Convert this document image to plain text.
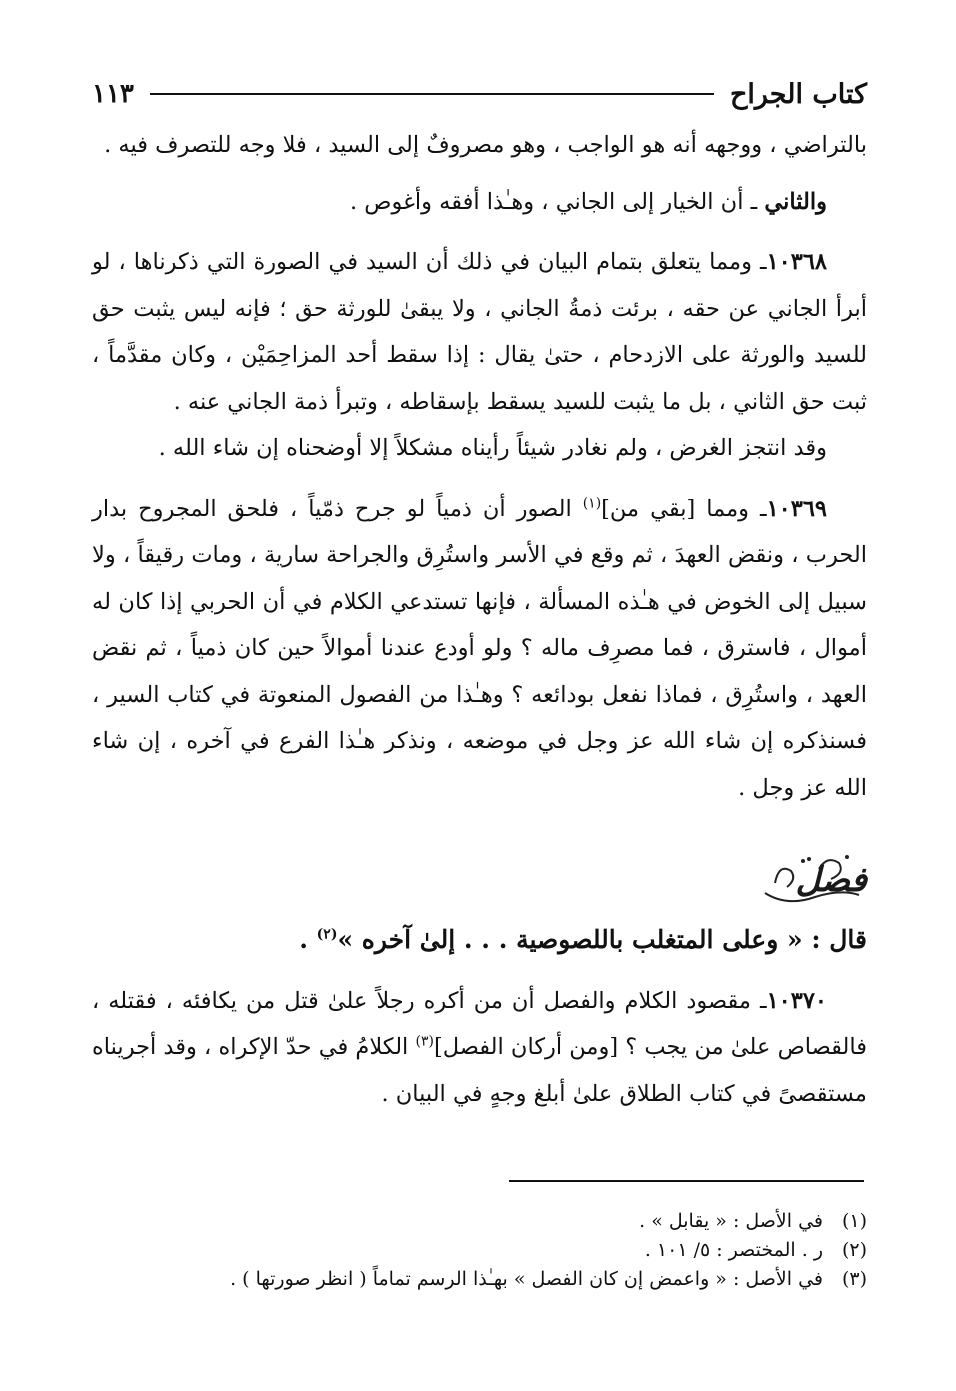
كتاب الجراح
١١٣

بالتراضي ، ووجهه أنه هو الواجب ، وهو مصروفٌ إلى السيد ، فلا وجه للتصرف فيه .

والثاني ـ أن الخيار إلى الجاني ، وهـٰذا أفقه وأغوص .

١٠٣٦٨ـ ومما يتعلق بتمام البيان في ذلك أن السيد في الصورة التي ذكرناها ، لو أبرأ الجاني عن حقه ، برئت ذمةُ الجاني ، ولا يبقىٰ للورثة حق ؛ فإنه ليس يثبت حق للسيد والورثة على الازدحام ، حتىٰ يقال : إذا سقط أحد المزاحِمَيْن ، وكان مقدَّماً ، ثبت حق الثاني ، بل ما يثبت للسيد يسقط بإسقاطه ، وتبرأ ذمة الجاني عنه .

وقد انتجز الغرض ، ولم نغادر شيئاً رأيناه مشكلاً إلا أوضحناه إن شاء الله .

١٠٣٦٩ـ ومما [بقي من]$^{(١)}$ الصور أن ذمياً لو جرح ذمّياً ، فلحق المجروح بدار الحرب ، ونقض العهدَ ، ثم وقع في الأسر واستُرِق والجراحة سارية ، ومات رقيقاً ، ولا سبيل إلى الخوض في هـٰذه المسألة ، فإنها تستدعي الكلام في أن الحربي إذا كان له أموال ، فاسترق ، فما مصرِف ماله ؟ ولو أودع عندنا أموالاً حين كان ذمياً ، ثم نقض العهد ، واستُرِق ، فماذا نفعل بودائعه ؟ وهـٰذا من الفصول المنعوتة في كتاب السير ، فسنذكره إن شاء الله عز وجل في موضعه ، ونذكر هـٰذا الفرع في آخره ، إن شاء الله عز وجل .

فصل

قال : « وعلى المتغلب باللصوصية . . . إلىٰ آخره »$^{(٢)}$ .

١٠٣٧٠ـ مقصود الكلام والفصل أن من أكره رجلاً علىٰ قتل من يكافئه ، فقتله ، فالقصاص علىٰ من يجب ؟ [ومن أركان الفصل]$^{(٣)}$ الكلامُ في حدّ الإكراه ، وقد أجريناه مستقصىً في كتاب الطلاق علىٰ أبلغ وجهٍ في البيان .

(١)
في الأصل : « يقابل » .
(٢)
ر . المختصر : ٥/ ١٠١ .
(٣)
في الأصل : « واعمض إن كان الفصل » بهـٰذا الرسم تماماً ( انظر صورتها ) .
